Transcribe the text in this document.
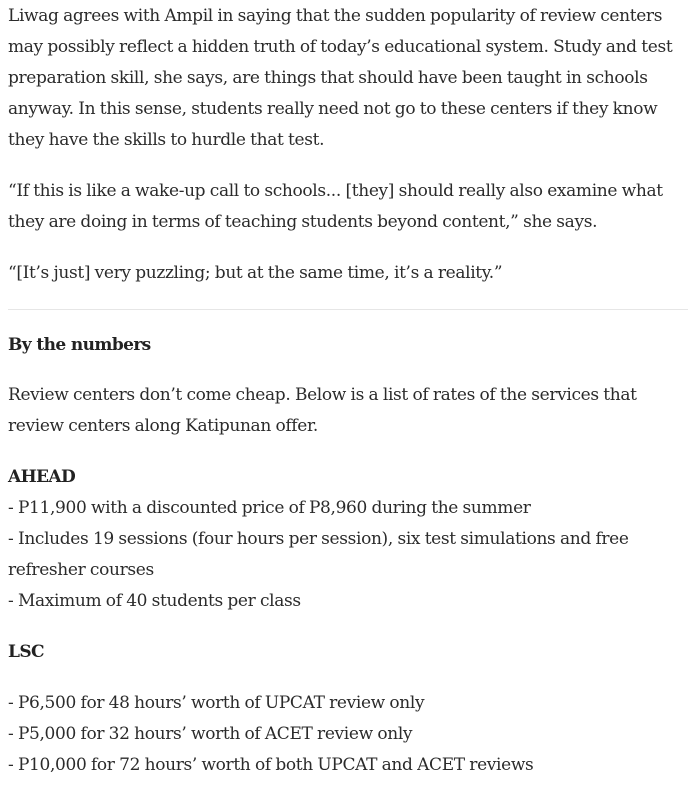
Liwag agrees with Ampil in saying that the sudden popularity of review centers may possibly reflect a hidden truth of today’s educational system. Study and test preparation skill, she says, are things that should have been taught in schools anyway. In this sense, students really need not go to these centers if they know they have the skills to hurdle that test.

“If this is like a wake-up call to schools... [they] should really also examine what they are doing in terms of teaching students beyond content,” she says.

“[It’s just] very puzzling; but at the same time, it’s a reality.”

By the numbers

Review centers don’t come cheap. Below is a list of rates of the services that review centers along Katipunan offer.

AHEAD

- P11,900 with a discounted price of P8,960 during the summer

- Includes 19 sessions (four hours per session), six test simulations and free refresher courses

- Maximum of 40 students per class

LSC

- P6,500 for 48 hours’ worth of UPCAT review only

- P5,000 for 32 hours’ worth of ACET review only

- P10,000 for 72 hours’ worth of both UPCAT and ACET reviews
